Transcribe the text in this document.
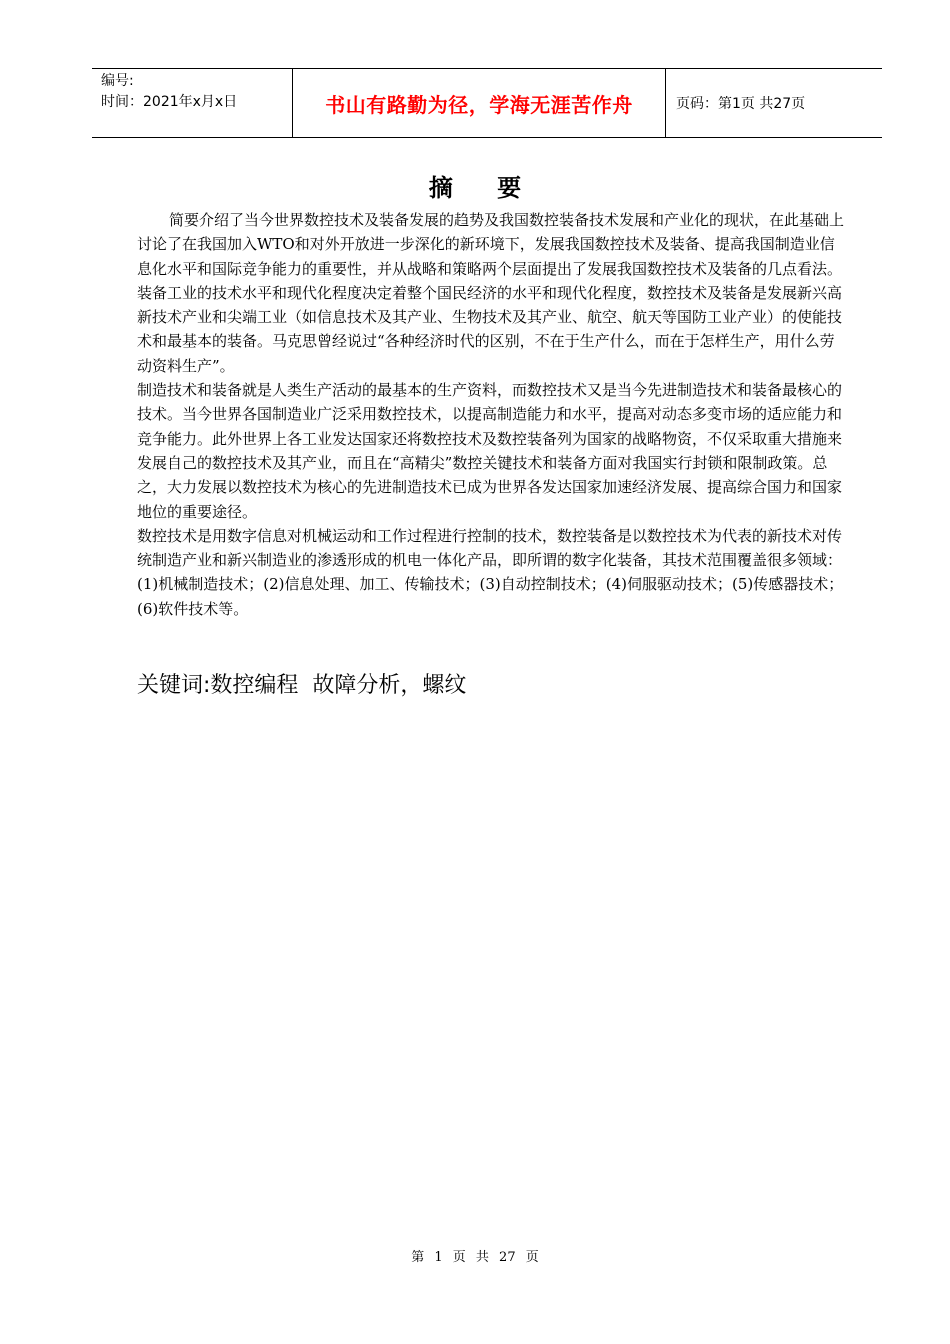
编号:
时间：2021年x月x日	书山有路勤为径，学海无涯苦作舟	页码：第1页 共27页
摘 要

简要介绍了当今世界数控技术及装备发展的趋势及我国数控装备技术发展和产业化的现状，在此基础上讨论了在我国加入WTO和对外开放进一步深化的新环境下，发展我国数控技术及装备、提高我国制造业信息化水平和国际竞争能力的重要性，并从战略和策略两个层面提出了发展我国数控技术及装备的几点看法。装备工业的技术水平和现代化程度决定着整个国民经济的水平和现代化程度，数控技术及装备是发展新兴高新技术产业和尖端工业（如信息技术及其产业、生物技术及其产业、航空、航天等国防工业产业）的使能技术和最基本的装备。马克思曾经说过“各种经济时代的区别，不在于生产什么，而在于怎样生产，用什么劳动资料生产”。

制造技术和装备就是人类生产活动的最基本的生产资料，而数控技术又是当今先进制造技术和装备最核心的技术。当今世界各国制造业广泛采用数控技术，以提高制造能力和水平，提高对动态多变市场的适应能力和竞争能力。此外世界上各工业发达国家还将数控技术及数控装备列为国家的战略物资，不仅采取重大措施来发展自己的数控技术及其产业，而且在“高精尖”数控关键技术和装备方面对我国实行封锁和限制政策。总之，大力发展以数控技术为核心的先进制造技术已成为世界各发达国家加速经济发展、提高综合国力和国家地位的重要途径。

数控技术是用数字信息对机械运动和工作过程进行控制的技术，数控装备是以数控技术为代表的新技术对传统制造产业和新兴制造业的渗透形成的机电一体化产品，即所谓的数字化装备，其技术范围覆盖很多领域：(1)机械制造技术；(2)信息处理、加工、传输技术；(3)自动控制技术；(4)伺服驱动技术；(5)传感器技术；(6)软件技术等。

关键词:数控编程  故障分析，螺纹
第 1 页 共 27 页
